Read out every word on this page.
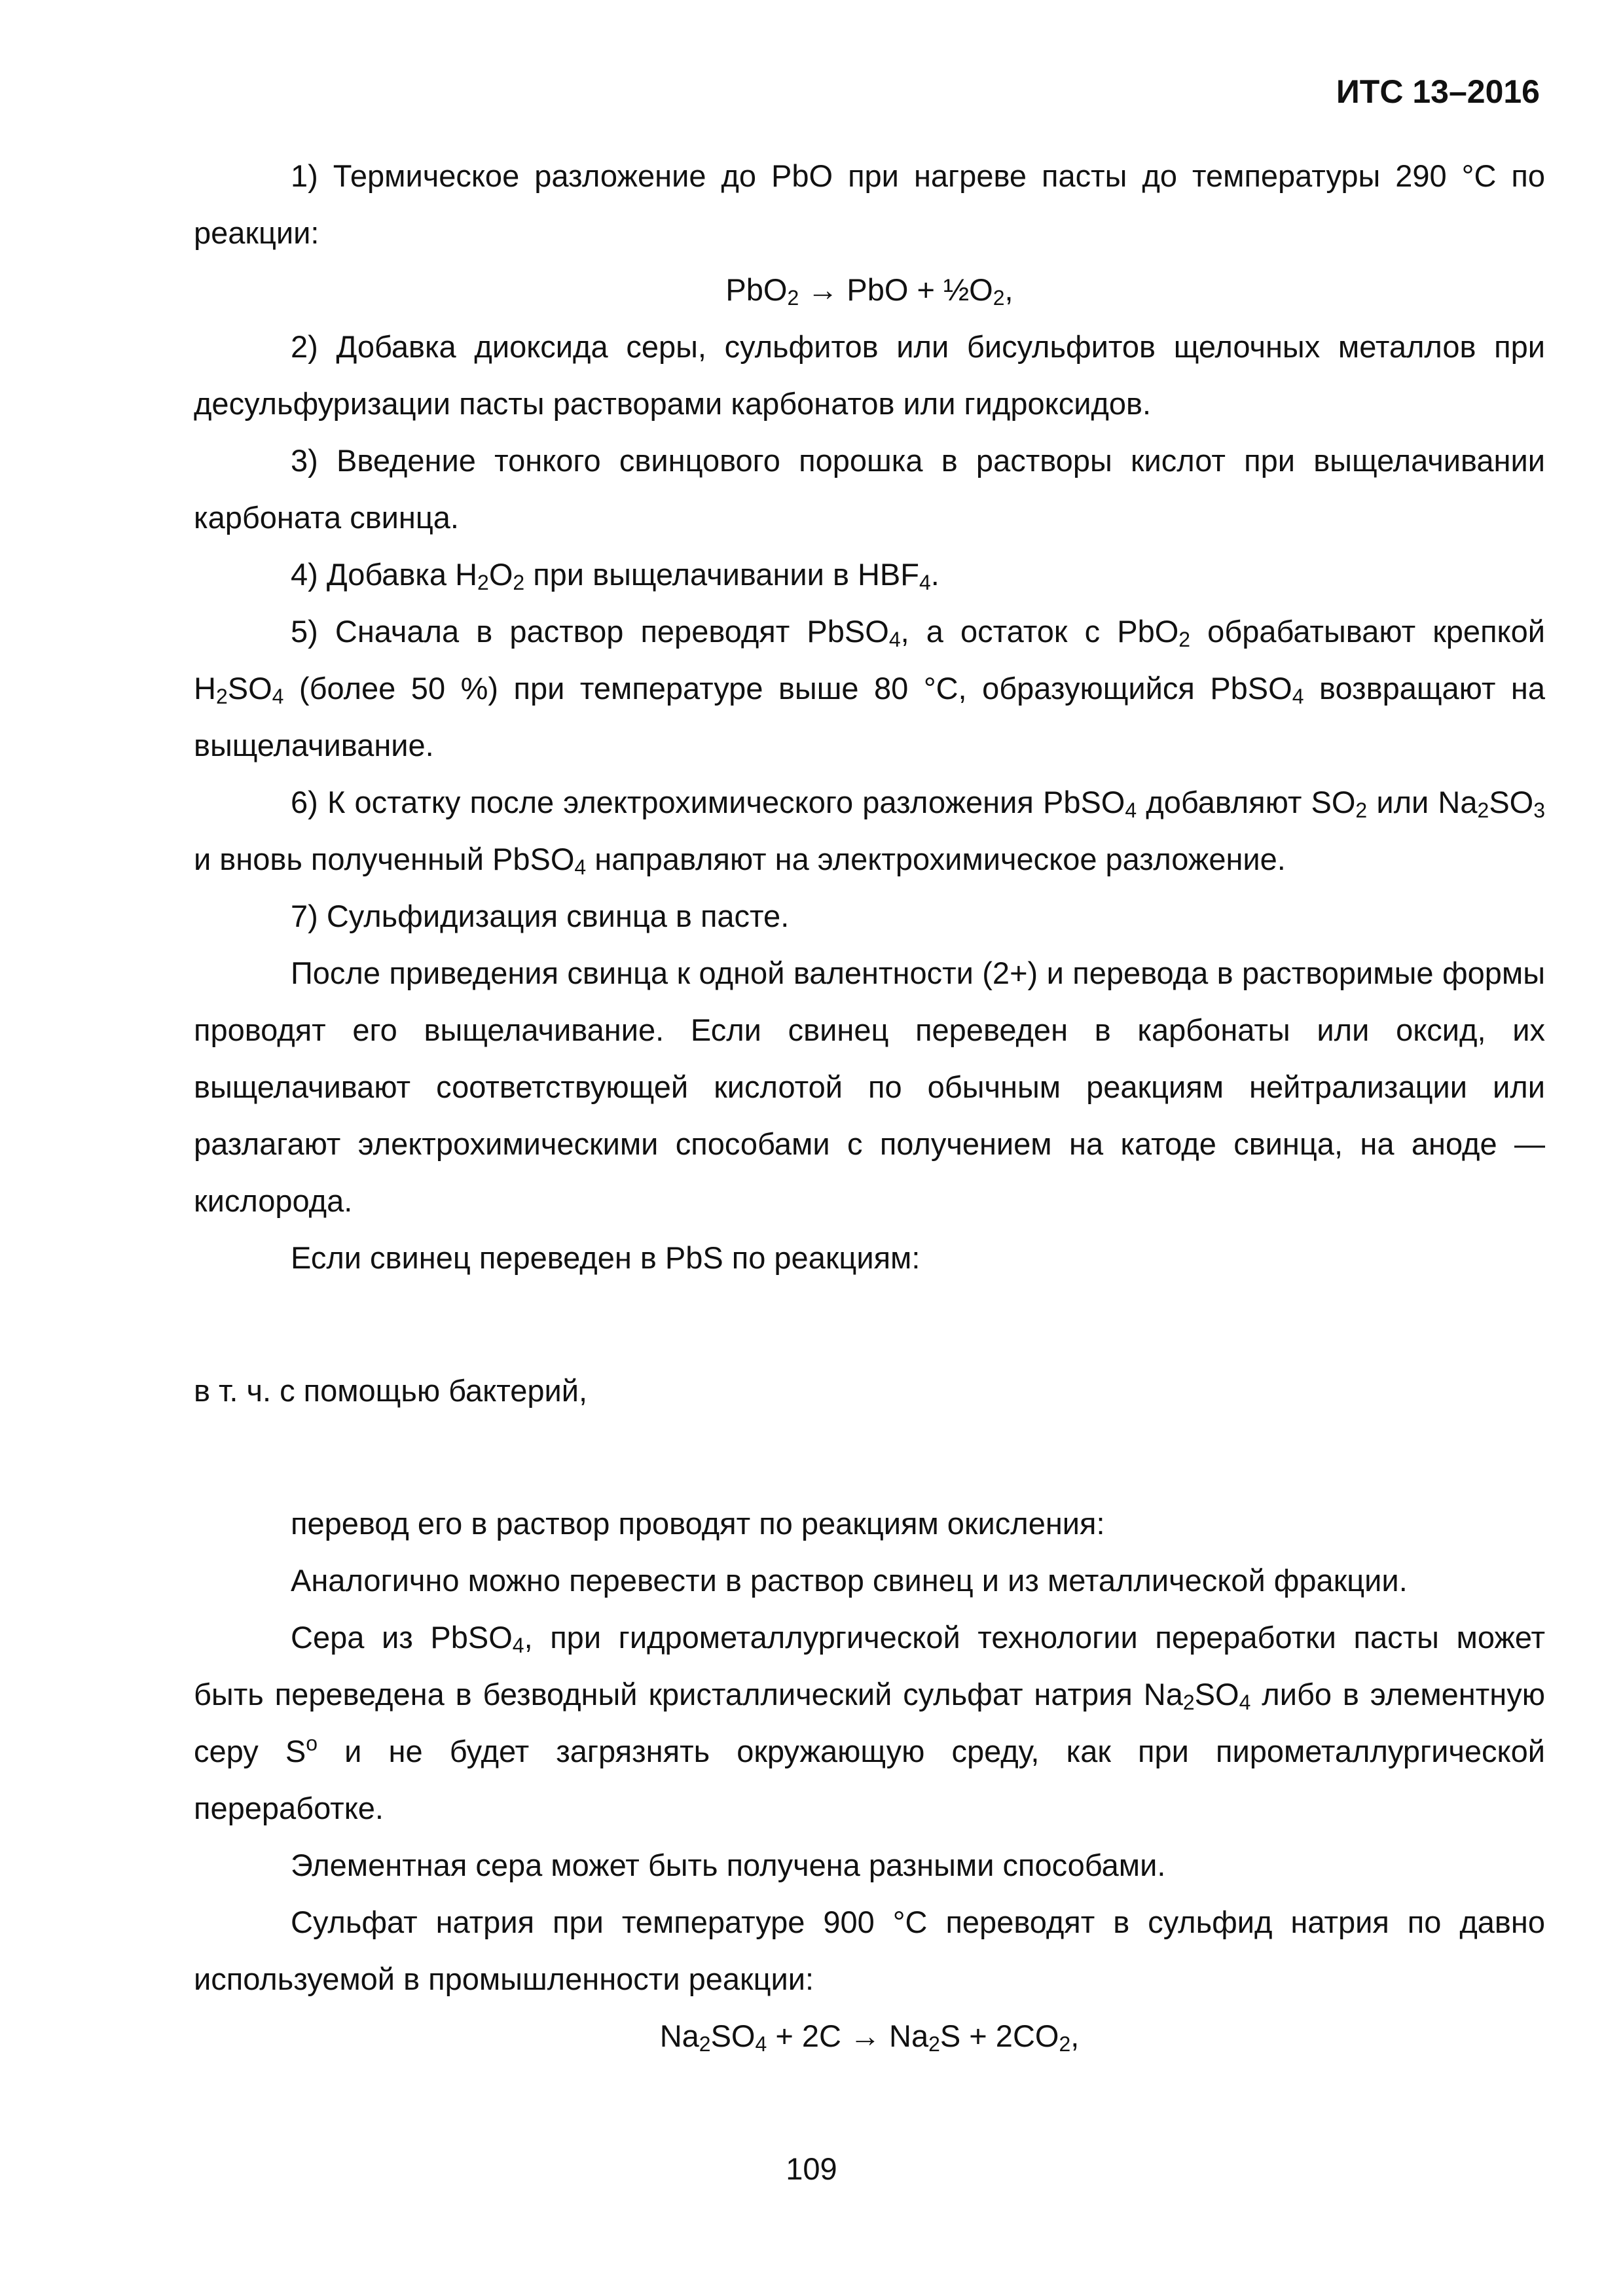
ИТС 13–2016

1) Термическое разложение до PbO при нагреве пасты до температуры 290 °С по реакции:

PbO$_2$ → PbO + $\frac{1}{2}O_2$,

2) Добавка диоксида серы, сульфитов или бисульфитов щелочных металлов при десульфуризации пасты растворами карбонатов или гидроксидов.

3) Введение тонкого свинцового порошка в растворы кислот при выщелачивании карбоната свинца.

4) Добавка $H_2O_2$ при выщелачивании в $HBF_4$.

5) Сначала в раствор переводят PbSO$_4$, а остаток с PbO$_2$ обрабатывают крепкой $H_2SO_4$ (более 50 %) при температуре выше 80 °С, образующийся PbSO$_4$ возвращают на выщелачивание.

6) К остатку после электрохимического разложения PbSO$_4$ добавляют $SO_2$ или $Na_2SO_3$ и вновь полученный PbSO$_4$ направляют на электрохимическое разложение.

7) Сульфидизация свинца в пасте.

После приведения свинца к одной валентности (2+) и перевода в растворимые формы проводят его выщелачивание. Если свинец переведен в карбонаты или оксид, их выщелачивают соответствующей кислотой по обычным реакциям нейтрализации или разлагают электрохимическими способами с получением на катоде свинца, на аноде — кислорода.

Если свинец переведен в PbS по реакциям:

в т. ч. с помощью бактерий,

перевод его в раствор проводят по реакциям окисления:

Аналогично можно перевести в раствор свинец и из металлической фракции.

Сера из PbSO$_4$, при гидрометаллургической технологии переработки пасты может быть переведена в безводный кристаллический сульфат натрия $Na_2SO_4$ либо в элементную серу $S^o$ и не будет загрязнять окружающую среду, как при пирометаллургической переработке.

Элементная сера может быть получена разными способами.

Сульфат натрия при температуре 900 °С переводят в сульфид натрия по давно используемой в промышленности реакции:

$Na_2SO_4 + 2C \to Na_2S + 2CO_2$,

109
